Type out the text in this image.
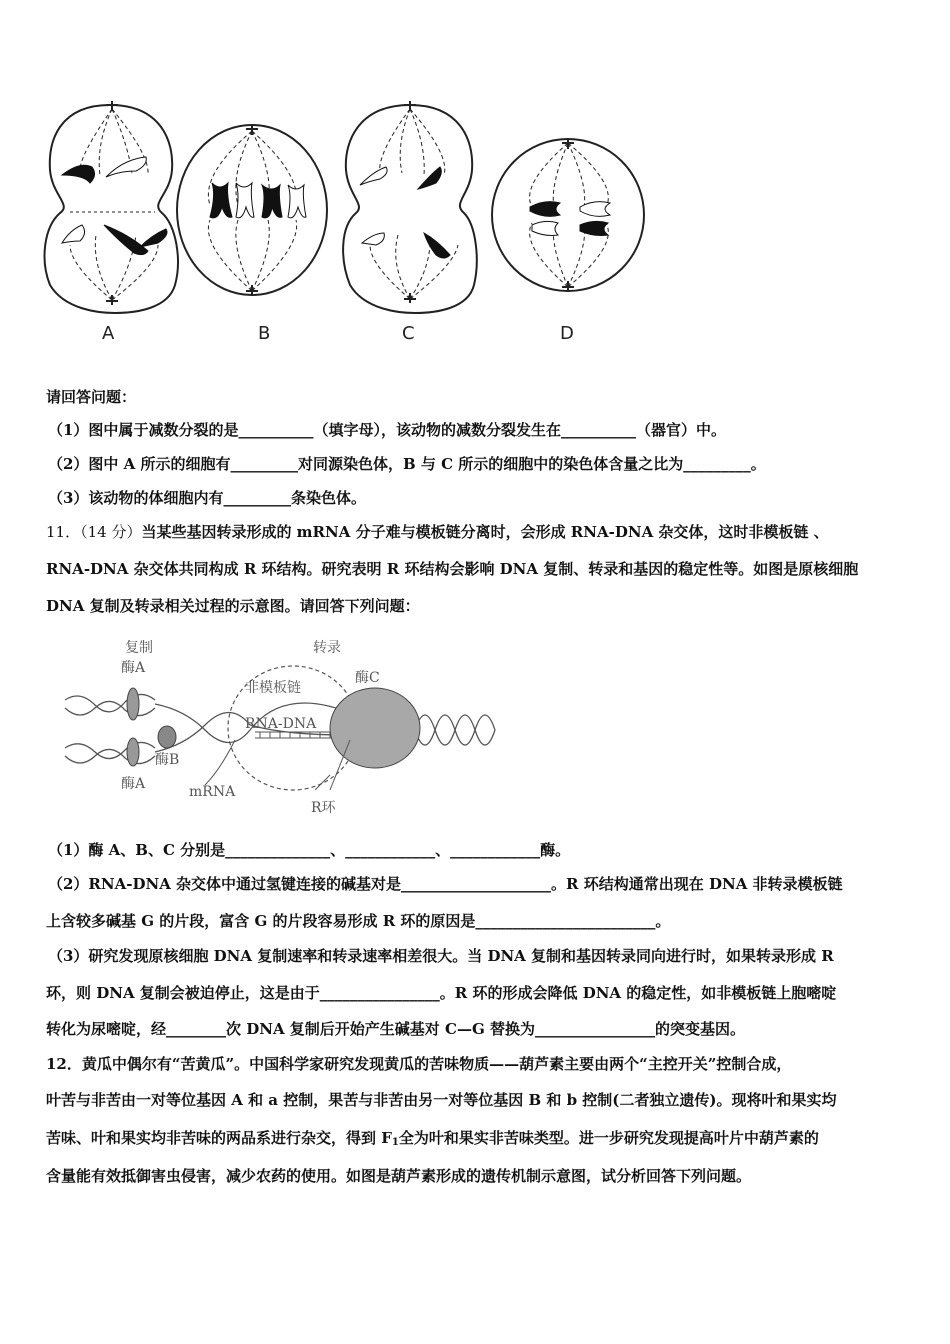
A	B	C	D
请回答问题：
（1）图中属于减数分裂的是__________（填字母），该动物的减数分裂发生在__________（器官）中。
（2）图中 A 所示的细胞有_________对同源染色体，B 与 C 所示的细胞中的染色体含量之比为_________。
（3）该动物的体细胞内有_________条染色体。
11．（14 分）当某些基因转录形成的 mRNA 分子难与模板链分离时，会形成 RNA-DNA 杂交体，这时非模板链 、
RNA-DNA 杂交体共同构成 R 环结构。研究表明 R 环结构会影响 DNA 复制、转录和基因的稳定性等。如图是原核细胞
DNA 复制及转录相关过程的示意图。请回答下列问题：
复制
酶A
转录
非模板链
RNA-DNA
酶C
酶B
酶A	mRNA
R环
（1）酶 A、B、C 分别是______________、____________、____________酶。
（2）RNA-DNA 杂交体中通过氢键连接的碱基对是____________________。R 环结构通常出现在 DNA 非转录模板链
上含较多碱基 G 的片段，富含 G 的片段容易形成 R 环的原因是________________________。
（3）研究发现原核细胞 DNA 复制速率和转录速率相差很大。当 DNA 复制和基因转录同向进行时，如果转录形成 R
环，则 DNA 复制会被迫停止，这是由于________________。R 环的形成会降低 DNA 的稳定性，如非模板链上胞嘧啶
转化为尿嘧啶，经________次 DNA 复制后开始产生碱基对 C—G 替换为________________的突变基因。
12．黄瓜中偶尔有“苦黄瓜”。中国科学家研究发现黄瓜的苦味物质——葫芦素主要由两个“主控开关”控制合成，
叶苦与非苦由一对等位基因 A 和 a 控制，果苦与非苦由另一对等位基因 B 和 b 控制(二者独立遗传)。现将叶和果实均
苦味、叶和果实均非苦味的两品系进行杂交，得到 $F_1$全为叶和果实非苦味类型。进一步研究发现提高叶片中葫芦素的
含量能有效抵御害虫侵害，减少农药的使用。如图是葫芦素形成的遗传机制示意图，试分析回答下列问题。
